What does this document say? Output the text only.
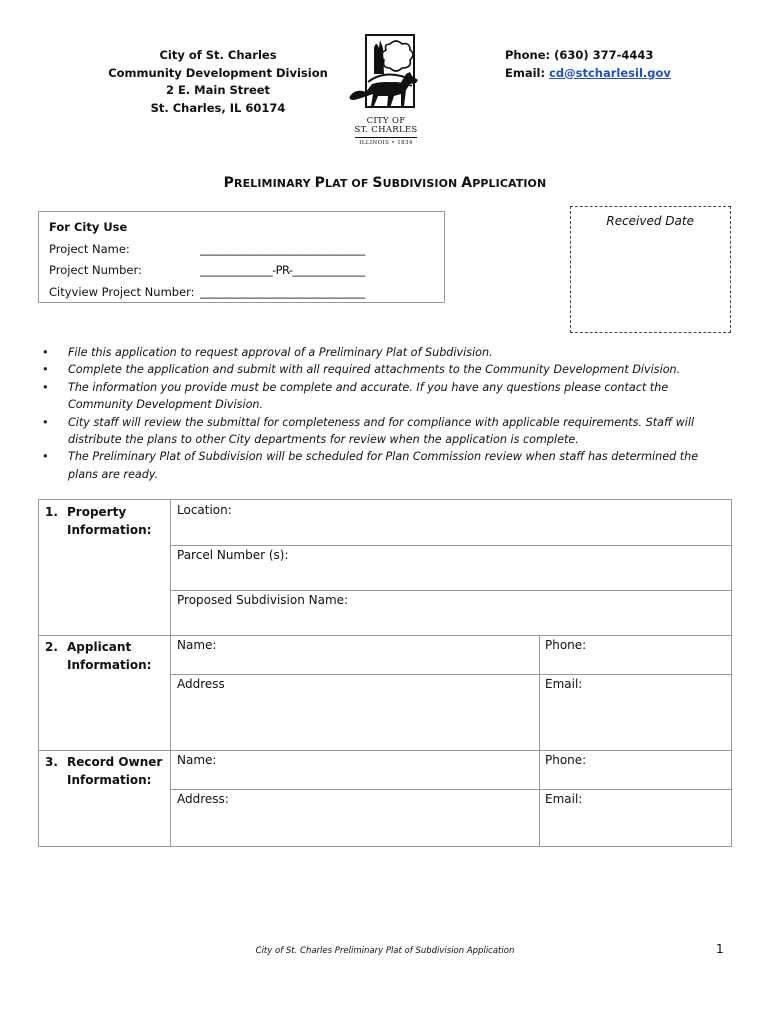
City of St. Charles
Community Development Division
2 E. Main Street
St. Charles, IL 60174
CITY OF
ST. CHARLES
ILLINOIS • 1834
Phone: (630) 377-4443
Email: cd@stcharlesil.gov
PRELIMINARY PLAT OF SUBDIVISION APPLICATION
For City Use
Project Name:	________________________________
Project Number:	______________-PR-______________
Cityview Project Number: ________________________________
Received Date
• File this application to request approval of a Preliminary Plat of Subdivision.
• Complete the application and submit with all required attachments to the Community Development Division.
• The information you provide must be complete and accurate. If you have any questions please contact the Community Development Division.
• City staff will review the submittal for completeness and for compliance with applicable requirements. Staff will distribute the plans to other City departments for review when the application is complete.
• The Preliminary Plat of Subdivision will be scheduled for Plan Commission review when staff has determined the plans are ready.
1. Property

Information:
Location:
Parcel Number (s):
Proposed Subdivision Name:
2. Applicant

Information:
Name:	Phone:
Address	Email:
3. Record Owner

Information:
Name:	Phone:
Address:	Email:
City of St. Charles Preliminary Plat of Subdivision Application	1
